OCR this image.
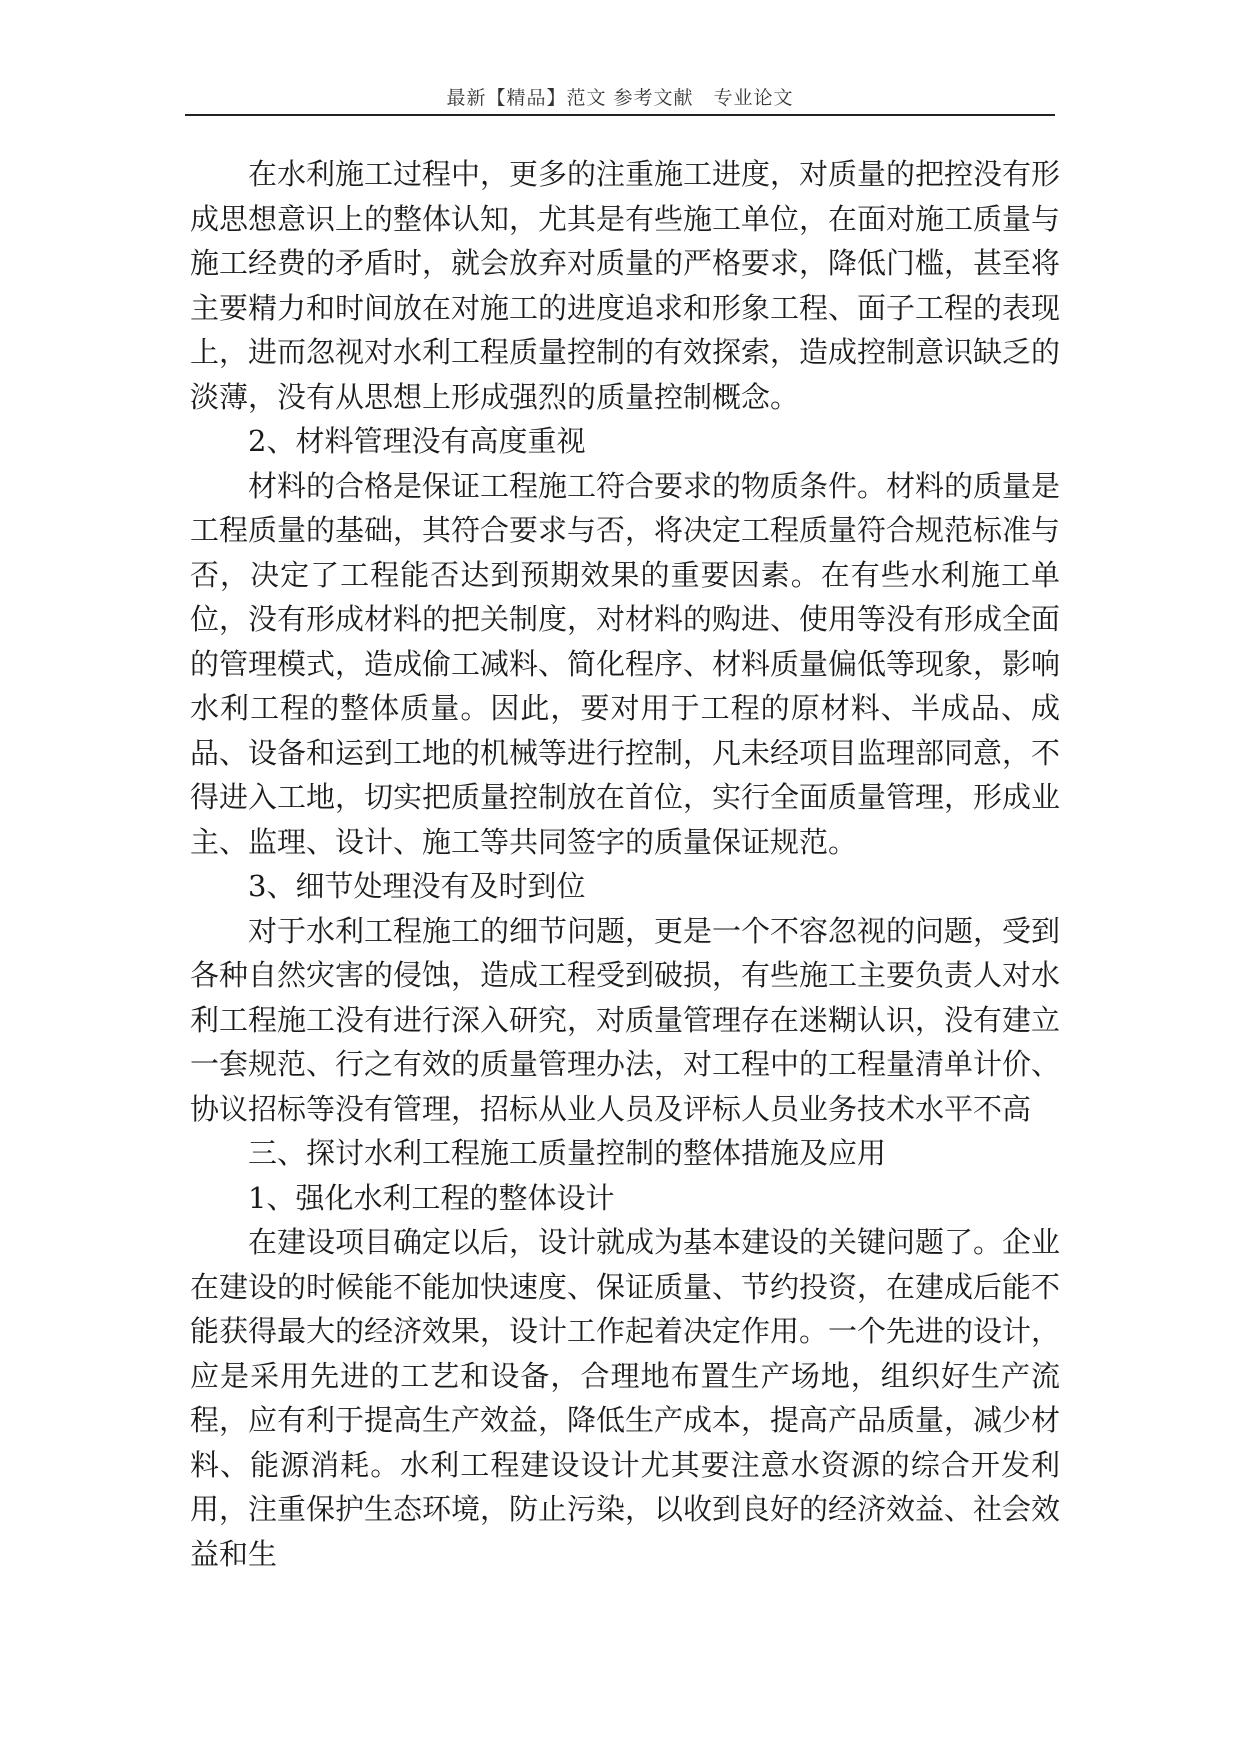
最新【精品】范文 参考文献　专业论文

在水利施工过程中，更多的注重施工进度，对质量的把控没有形成思想意识上的整体认知，尤其是有些施工单位，在面对施工质量与施工经费的矛盾时，就会放弃对质量的严格要求，降低门槛，甚至将主要精力和时间放在对施工的进度追求和形象工程、面子工程的表现上，进而忽视对水利工程质量控制的有效探索，造成控制意识缺乏的淡薄，没有从思想上形成强烈的质量控制概念。

2、材料管理没有高度重视

材料的合格是保证工程施工符合要求的物质条件。材料的质量是工程质量的基础，其符合要求与否，将决定工程质量符合规范标准与否，决定了工程能否达到预期效果的重要因素。在有些水利施工单位，没有形成材料的把关制度，对材料的购进、使用等没有形成全面的管理模式，造成偷工减料、简化程序、材料质量偏低等现象，影响水利工程的整体质量。因此，要对用于工程的原材料、半成品、成品、设备和运到工地的机械等进行控制，凡未经项目监理部同意，不得进入工地，切实把质量控制放在首位，实行全面质量管理，形成业主、监理、设计、施工等共同签字的质量保证规范。

3、细节处理没有及时到位

对于水利工程施工的细节问题，更是一个不容忽视的问题，受到各种自然灾害的侵蚀，造成工程受到破损，有些施工主要负责人对水利工程施工没有进行深入研究，对质量管理存在迷糊认识，没有建立一套规范、行之有效的质量管理办法，对工程中的工程量清单计价、协议招标等没有管理，招标从业人员及评标人员业务技术水平不高

三、探讨水利工程施工质量控制的整体措施及应用

1、强化水利工程的整体设计

在建设项目确定以后，设计就成为基本建设的关键问题了。企业在建设的时候能不能加快速度、保证质量、节约投资，在建成后能不能获得最大的经济效果，设计工作起着决定作用。一个先进的设计，应是采用先进的工艺和设备，合理地布置生产场地，组织好生产流程，应有利于提高生产效益，降低生产成本，提高产品质量，减少材料、能源消耗。水利工程建设设计尤其要注意水资源的综合开发利用，注重保护生态环境，防止污染，以收到良好的经济效益、社会效益和生
